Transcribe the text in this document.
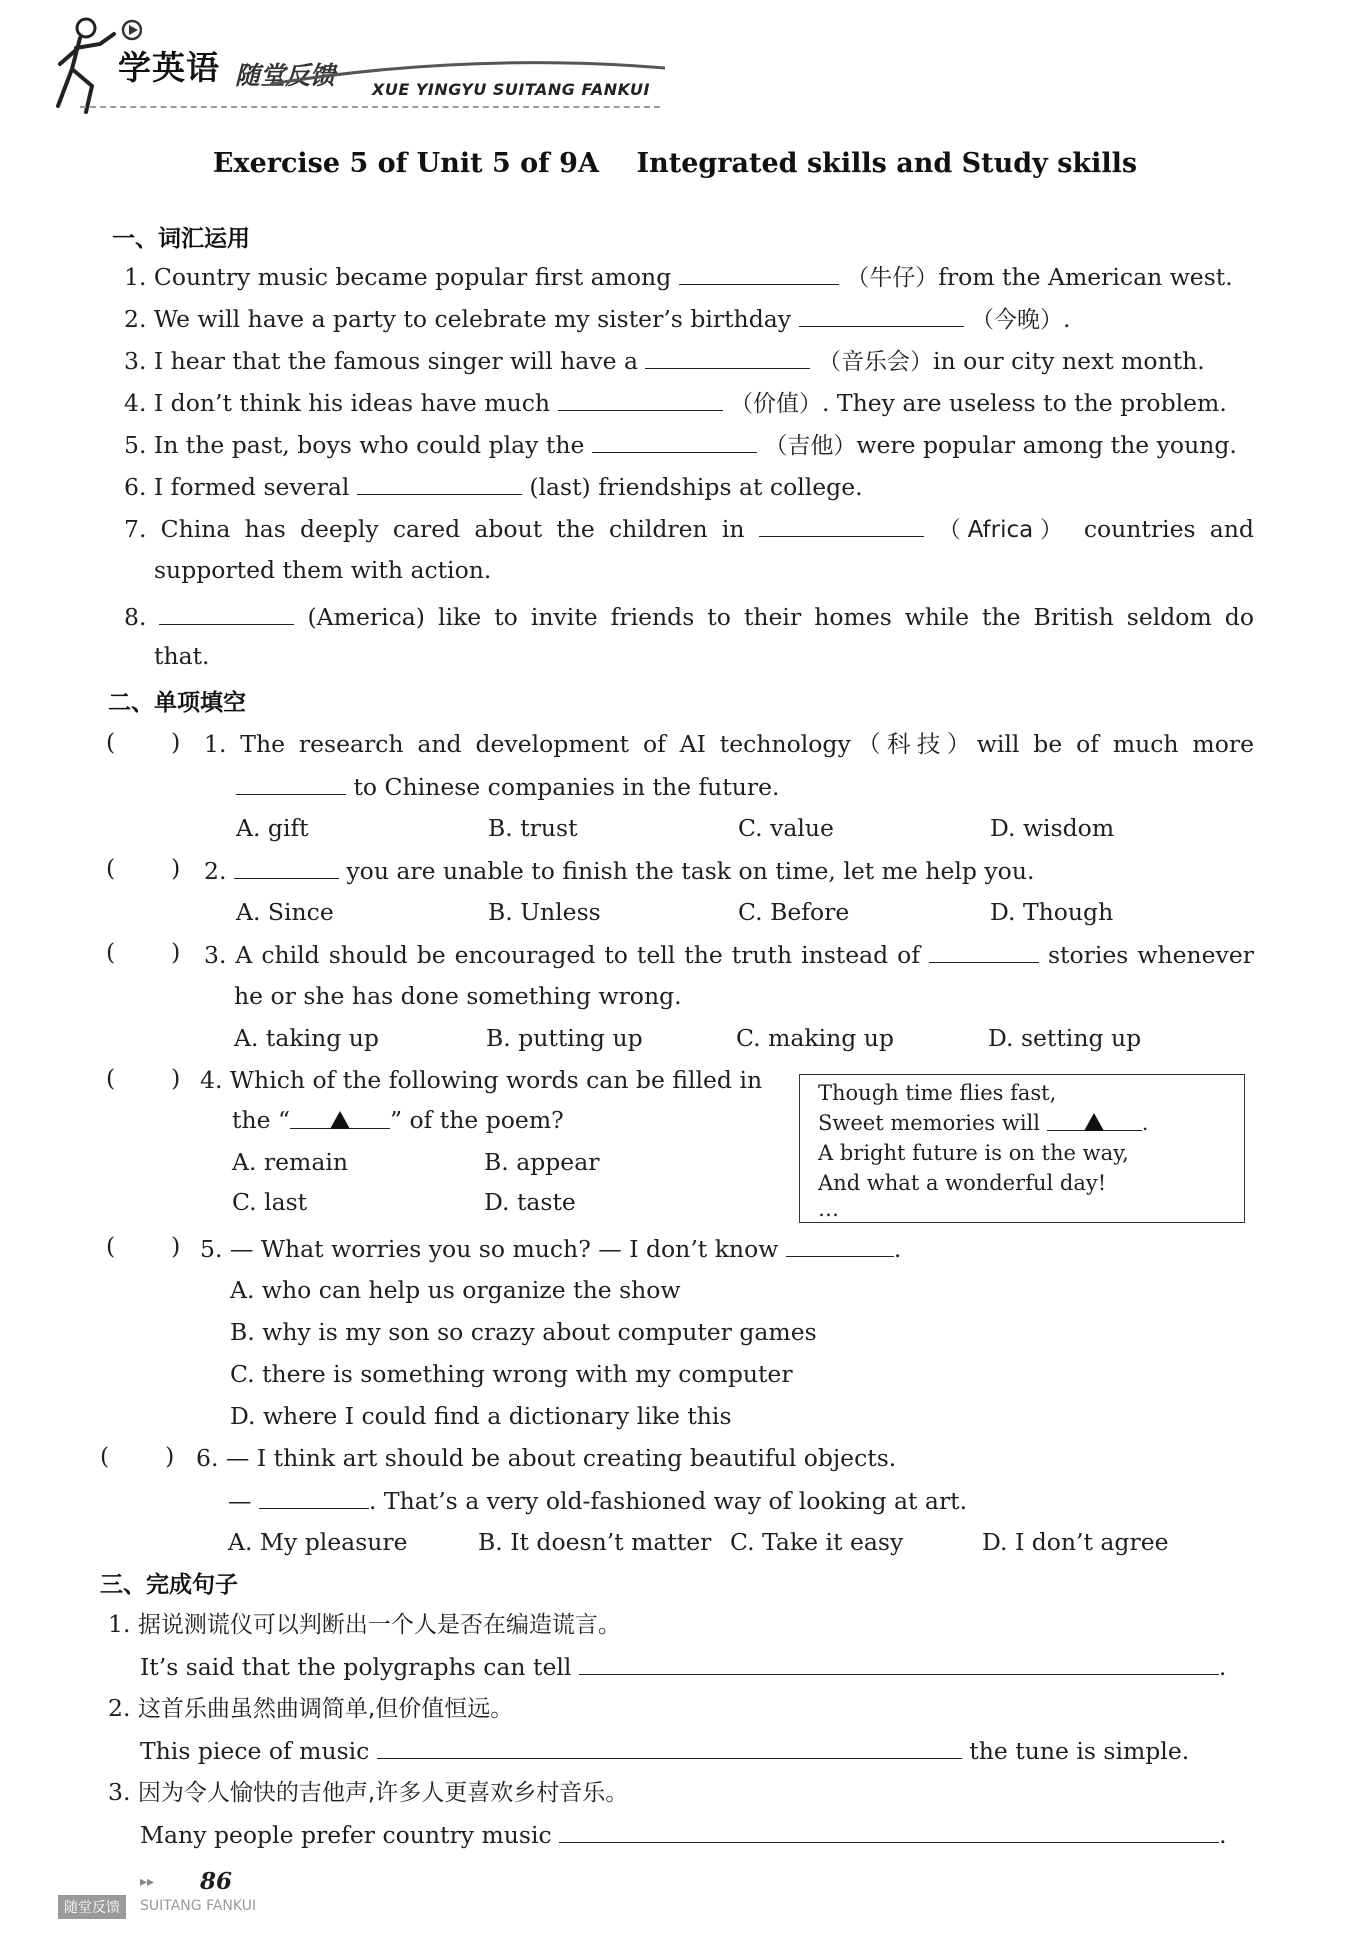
学英语 随堂反馈 XUE YINGYU SUITANG FANKUI
Exercise 5 of Unit 5 of 9A    Integrated skills and Study skills
一、词汇运用
1. Country music became popular first among	（牛仔）from the American west.
2. We will have a party to celebrate my sister’s birthday	（今晚）.
3. I hear that the famous singer will have a	（音乐会）in our city next month.
4. I don’t think his ideas have much	（价值）. They are useless to the problem.
5. In the past, boys who could play the	（吉他）were popular among the young.
6. I formed several	(last) friendships at college.
7. China has deeply cared about the children in	（Africa） countries and
supported them with action.
8.	(America) like to invite friends to their homes while the British seldom do
that.
二、单项填空
( ) 1. The research and development of AI technology（科技）will be of much more
to Chinese companies in the future.
A. gift	B. trust	C. value	D. wisdom
( ) 2.	you are unable to finish the task on time, let me help you.
A. Since	B. Unless	C. Before	D. Though
( ) 3. A child should be encouraged to tell the truth instead of	stories whenever
he or she has done something wrong.
A. taking up	B. putting up	C. making up	D. setting up
( ) 4. Which of the following words can be filled in
the “	” of the poem?
A. remain	B. appear
C. last	D. taste
Though time flies fast,
Sweet memories will	.
A bright future is on the way,
And what a wonderful day!
…
( ) 5. — What worries you so much? — I don’t know	.
A. who can help us organize the show
B. why is my son so crazy about computer games
C. there is something wrong with my computer
D. where I could find a dictionary like this
( ) 6. — I think art should be about creating beautiful objects.
—	. That’s a very old-fashioned way of looking at art.
A. My pleasure	B. It doesn’t matter C. Take it easy	D. I don’t agree
三、完成句子
1. 据说测谎仪可以判断出一个人是否在编造谎言。
It’s said that the polygraphs can tell	.
2. 这首乐曲虽然曲调简单,但价值恒远。
This piece of music	the tune is simple.
3. 因为令人愉快的吉他声,许多人更喜欢乡村音乐。
Many people prefer country music	.
▸▸ 86
随堂反馈	SUITANG FANKUI
